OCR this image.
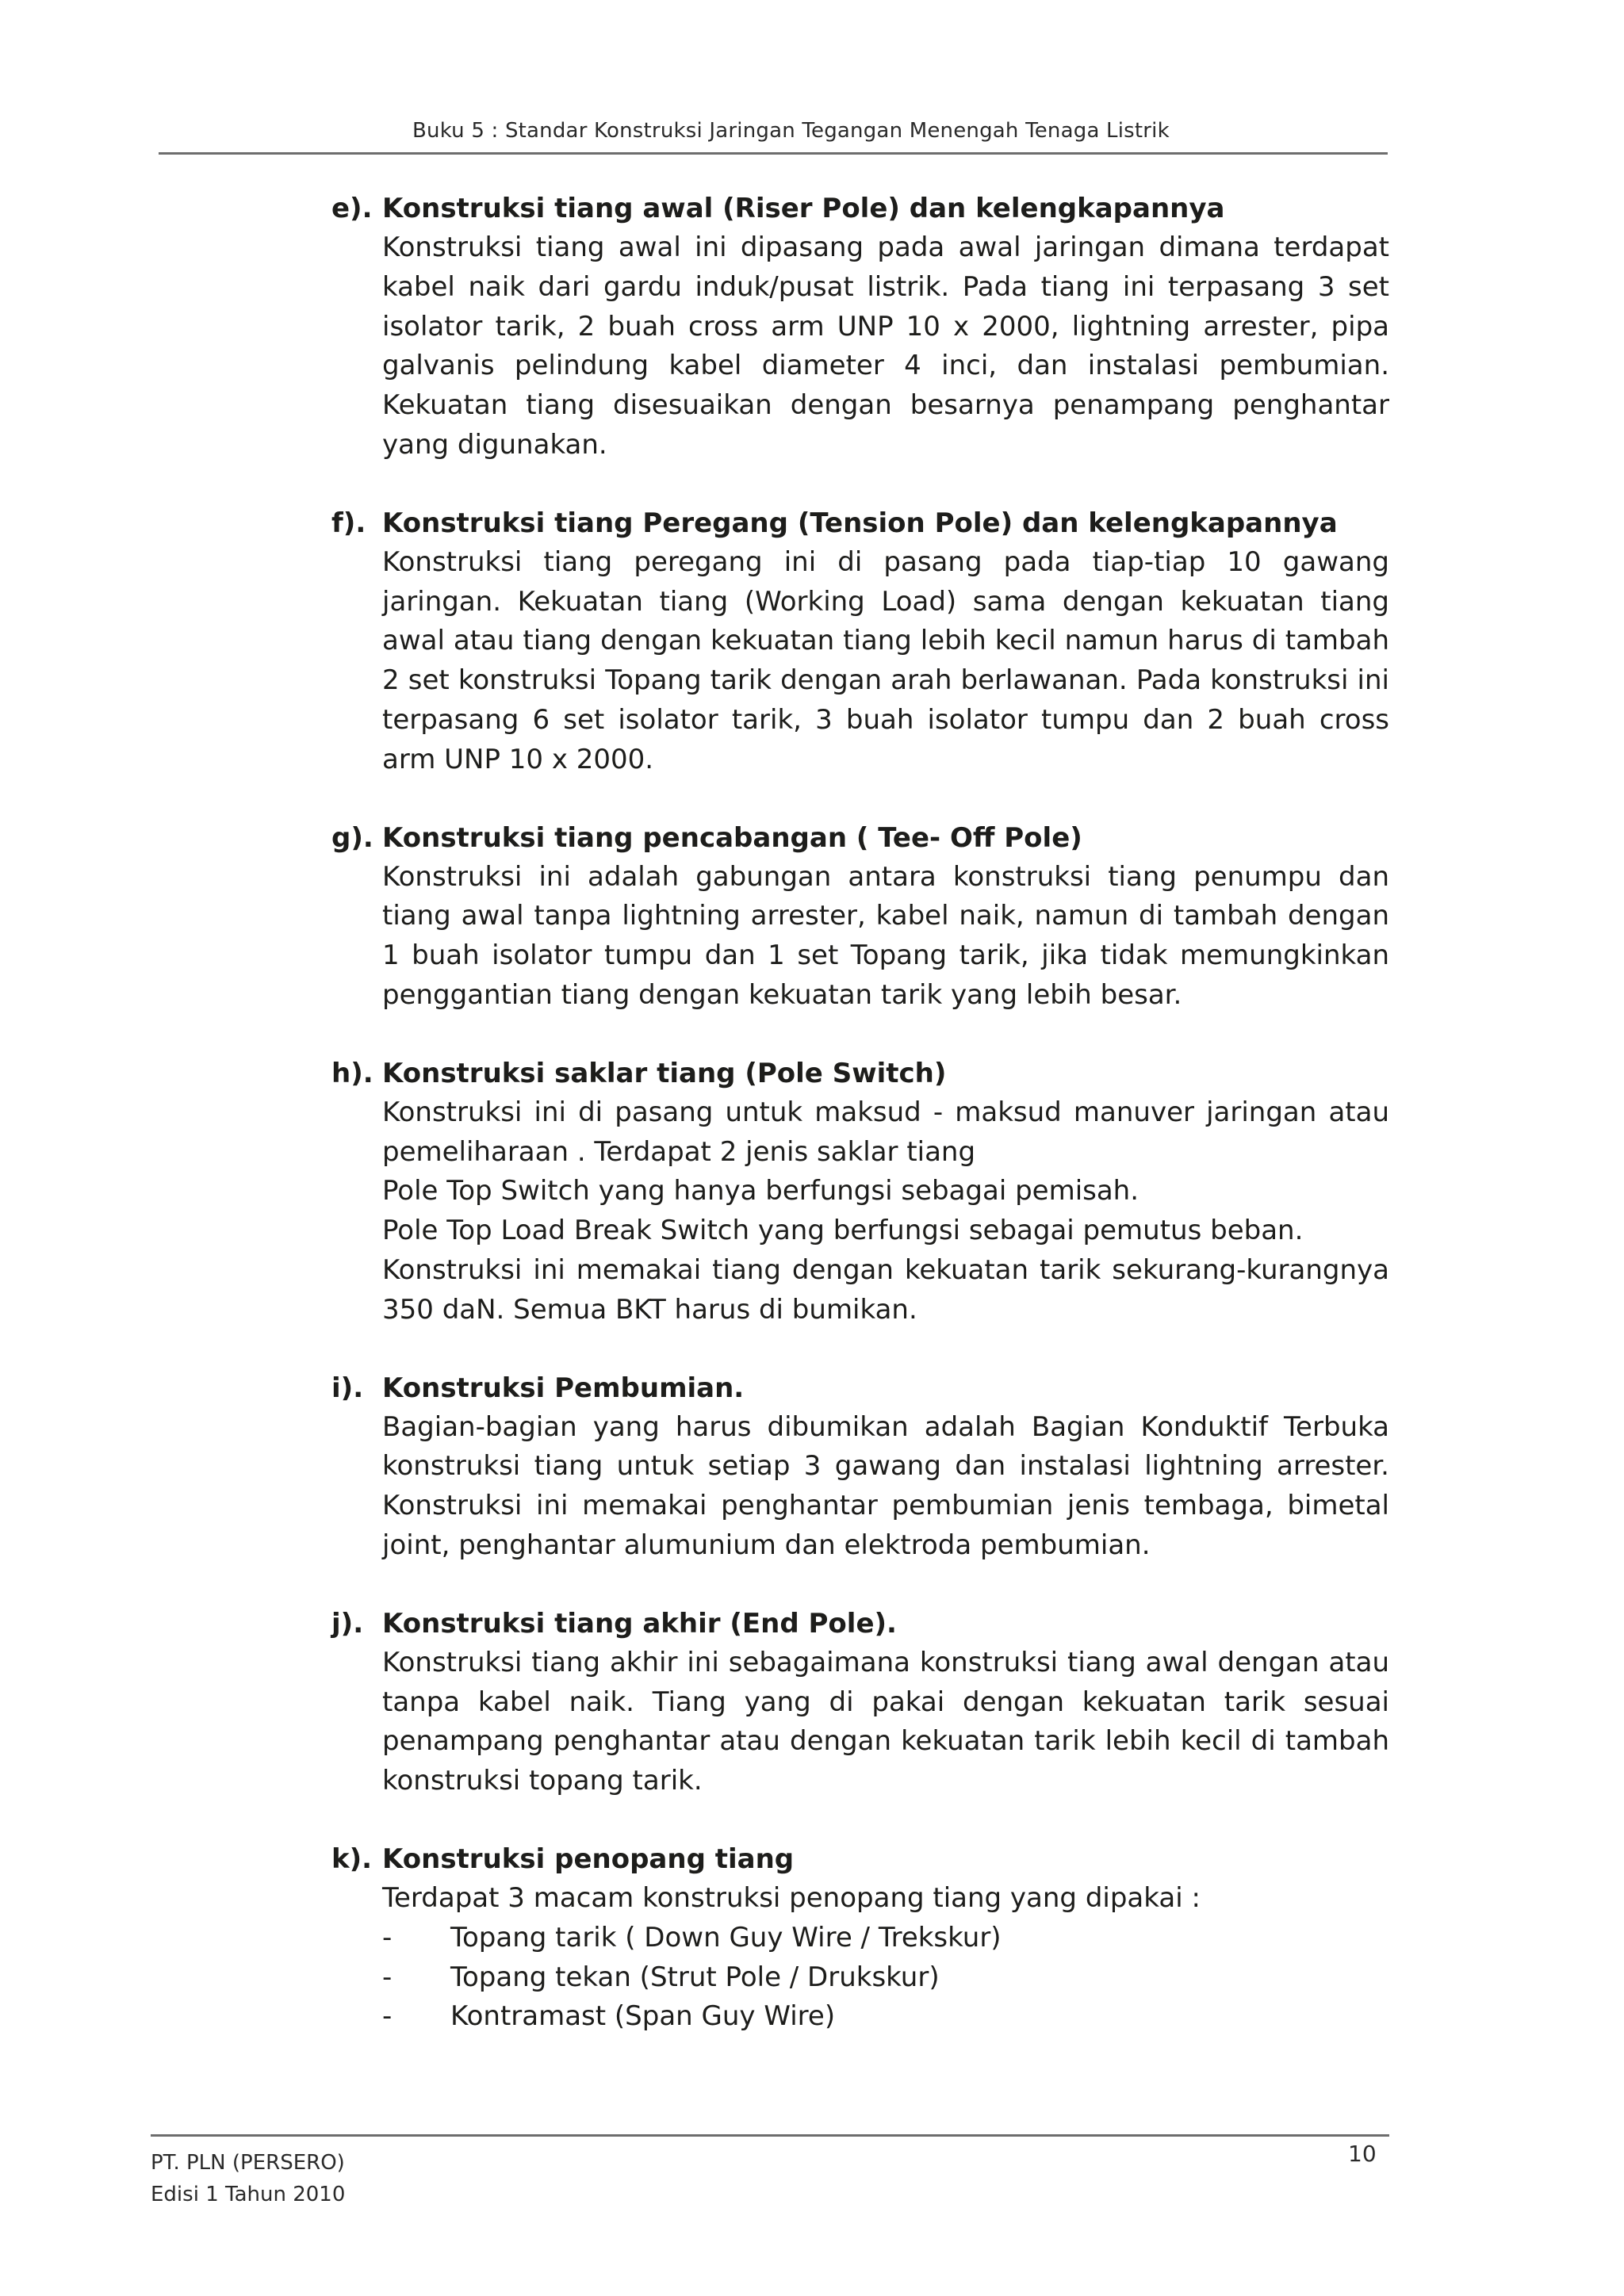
Buku 5 : Standar Konstruksi Jaringan Tegangan Menengah Tenaga Listrik
e). Konstruksi tiang awal (Riser Pole) dan kelengkapannya
Konstruksi tiang awal ini dipasang pada awal jaringan dimana terdapat kabel naik dari gardu induk/pusat listrik. Pada tiang ini terpasang 3 set isolator tarik, 2 buah cross arm UNP 10 x 2000, lightning arrester, pipa galvanis pelindung kabel diameter 4 inci, dan instalasi pembumian. Kekuatan tiang disesuaikan dengan besarnya penampang penghantar yang digunakan.
f). Konstruksi tiang Peregang (Tension Pole) dan kelengkapannya
Konstruksi tiang peregang ini di pasang pada tiap-tiap 10 gawang jaringan. Kekuatan tiang (Working Load) sama dengan kekuatan tiang awal atau tiang dengan kekuatan tiang lebih kecil namun harus di tambah 2 set konstruksi Topang tarik dengan arah berlawanan. Pada konstruksi ini terpasang 6 set isolator tarik, 3 buah isolator tumpu dan 2 buah cross arm UNP 10 x 2000.
g). Konstruksi tiang pencabangan ( Tee- Off Pole)
Konstruksi ini adalah gabungan antara konstruksi tiang penumpu dan tiang awal tanpa lightning arrester, kabel naik, namun di tambah dengan 1 buah isolator tumpu dan 1 set Topang tarik, jika tidak memungkinkan penggantian tiang dengan kekuatan tarik yang lebih besar.
h). Konstruksi saklar tiang (Pole Switch)
Konstruksi ini di pasang untuk maksud - maksud manuver jaringan atau pemeliharaan . Terdapat 2 jenis saklar tiang
Pole Top Switch yang hanya berfungsi sebagai pemisah.
Pole Top Load Break Switch yang berfungsi sebagai pemutus beban.
Konstruksi ini memakai tiang dengan kekuatan tarik sekurang-kurangnya 350 daN. Semua BKT harus di bumikan.
i). Konstruksi Pembumian.
Bagian-bagian yang harus dibumikan adalah Bagian Konduktif Terbuka konstruksi tiang untuk setiap 3 gawang dan instalasi lightning arrester. Konstruksi ini memakai penghantar pembumian jenis tembaga, bimetal joint, penghantar alumunium dan elektroda pembumian.
j). Konstruksi tiang akhir (End Pole).
Konstruksi tiang akhir ini sebagaimana konstruksi tiang awal dengan atau tanpa kabel naik. Tiang yang di pakai dengan kekuatan tarik sesuai penampang penghantar atau dengan kekuatan tarik lebih kecil di tambah konstruksi topang tarik.
k). Konstruksi penopang tiang
Terdapat 3 macam konstruksi penopang tiang yang dipakai :
-	Topang tarik ( Down Guy Wire / Trekskur)
-	Topang tekan (Strut Pole / Drukskur)
-	Kontramast (Span Guy Wire)
PT. PLN (PERSERO)
Edisi 1 Tahun 2010
10
